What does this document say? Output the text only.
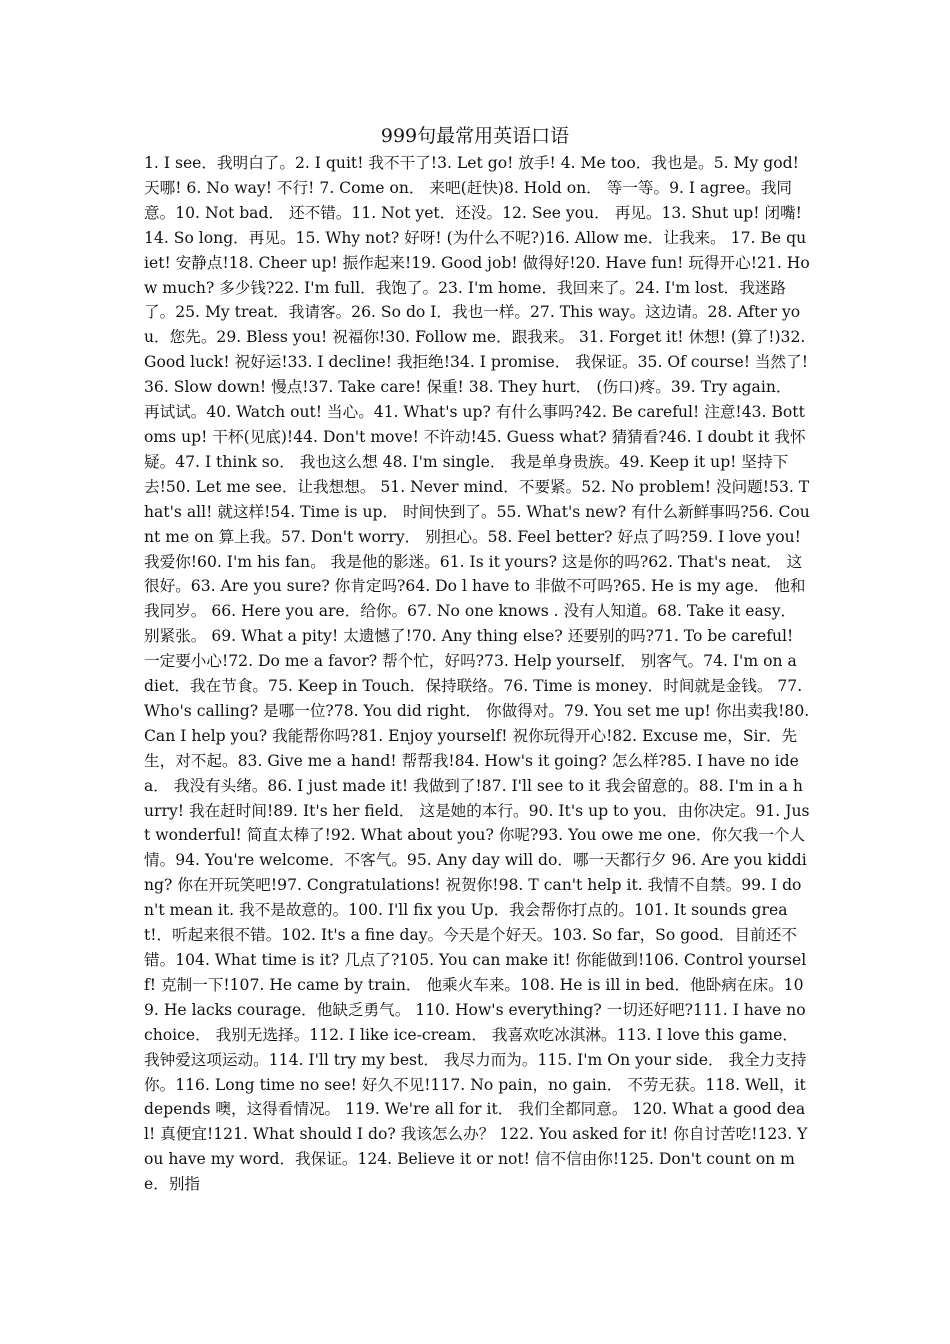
999句最常用英语口语

1. I see．我明白了。2. I quit! 我不干了!3. Let go! 放手! 4. Me too．我也是。5. My god! 天哪! 6. No way! 不行! 7. Come on． 来吧(赶快)8. Hold on． 等一等。9. I agree。我同意。10. Not bad． 还不错。11. Not yet．还没。12. See you． 再见。13. Shut up! 闭嘴!14. So long．再见。15. Why not? 好呀! (为什么不呢?)16. Allow me．让我来。 17. Be quiet! 安静点!18. Cheer up! 振作起来!19. Good job! 做得好!20. Have fun! 玩得开心!21. How much? 多少钱?22. I'm full．我饱了。23. I'm home．我回来了。24. I'm lost．我迷路了。25. My treat．我请客。26. So do I．我也一样。27. This way。这边请。28. After you．您先。29. Bless you! 祝福你!30. Follow me．跟我来。 31. Forget it! 休想! (算了!)32. Good luck! 祝好运!33. I decline! 我拒绝!34. I promise． 我保证。35. Of course! 当然了!36. Slow down! 慢点!37. Take care! 保重! 38. They hurt． (伤口)疼。39. Try again． 再试试。40. Watch out! 当心。41. What's up? 有什么事吗?42. Be careful! 注意!43. Bottoms up! 干杯(见底)!44. Don't move! 不许动!45. Guess what? 猜猜看?46. I doubt it 我怀疑。47. I think so． 我也这么想 48. I'm single． 我是单身贵族。49. Keep it up! 坚持下去!50. Let me see．让我想想。 51. Never mind．不要紧。52. No problem! 没问题!53. That's all! 就这样!54. Time is up． 时间快到了。55. What's new? 有什么新鲜事吗?56. Count me on 算上我。57. Don't worry． 别担心。58. Feel better? 好点了吗?59. I love you! 我爱你!60. I'm his fan。 我是他的影迷。61. Is it yours? 这是你的吗?62. That's neat． 这很好。63. Are you sure? 你肯定吗?64. Do l have to 非做不可吗?65. He is my age． 他和我同岁。 66. Here you are．给你。67. No one knows . 没有人知道。68. Take it easy．别紧张。 69. What a pity! 太遗憾了!70. Any thing else? 还要别的吗?71. To be careful! 一定要小心!72. Do me a favor? 帮个忙，好吗?73. Help yourself． 别客气。74. I'm on a diet．我在节食。75. Keep in Touch．保持联络。76. Time is money．时间就是金钱。 77. Who's calling? 是哪一位?78. You did right． 你做得对。79. You set me up! 你出卖我!80. Can I help you? 我能帮你吗?81. Enjoy yourself! 祝你玩得开心!82. Excuse me，Sir．先生，对不起。83. Give me a hand! 帮帮我!84. How's it going? 怎么样?85. I have no idea． 我没有头绪。86. I just made it! 我做到了!87. I'll see to it 我会留意的。88. I'm in a hurry! 我在赶时间!89. It's her field． 这是她的本行。90. It's up to you．由你决定。91. Just wonderful! 简直太棒了!92. What about you? 你呢?93. You owe me one．你欠我一个人情。94. You're welcome．不客气。95. Any day will do．哪一天都行夕 96. Are you kidding? 你在开玩笑吧!97. Congratulations! 祝贺你!98. T can't help it. 我情不自禁。99. I don't mean it. 我不是故意的。100. I'll fix you Up．我会帮你打点的。101. It sounds great!．听起来很不错。102. It's a fine day。今天是个好天。103. So far，So good．目前还不错。104. What time is it? 几点了?105. You can make it! 你能做到!106. Control yourself! 克制一下!107. He came by train． 他乘火车来。108. He is ill in bed．他卧病在床。109. He lacks courage．他缺乏勇气。 110. How's everything? 一切还好吧?111. I have no choice． 我别无选择。112. I like ice-cream． 我喜欢吃冰淇淋。113. I love this game． 我钟爱这项运动。114. I'll try my best． 我尽力而为。115. I'm On your side． 我全力支持你。116. Long time no see! 好久不见!117. No pain，no gain． 不劳无获。118. Well，it depends 噢，这得看情况。 119. We're all for it． 我们全都同意。 120. What a good deal! 真便宜!121. What should I do? 我该怎么办？ 122. You asked for it! 你自讨苦吃!123. You have my word．我保证。124. Believe it or not! 信不信由你!125. Don't count on me．别指
